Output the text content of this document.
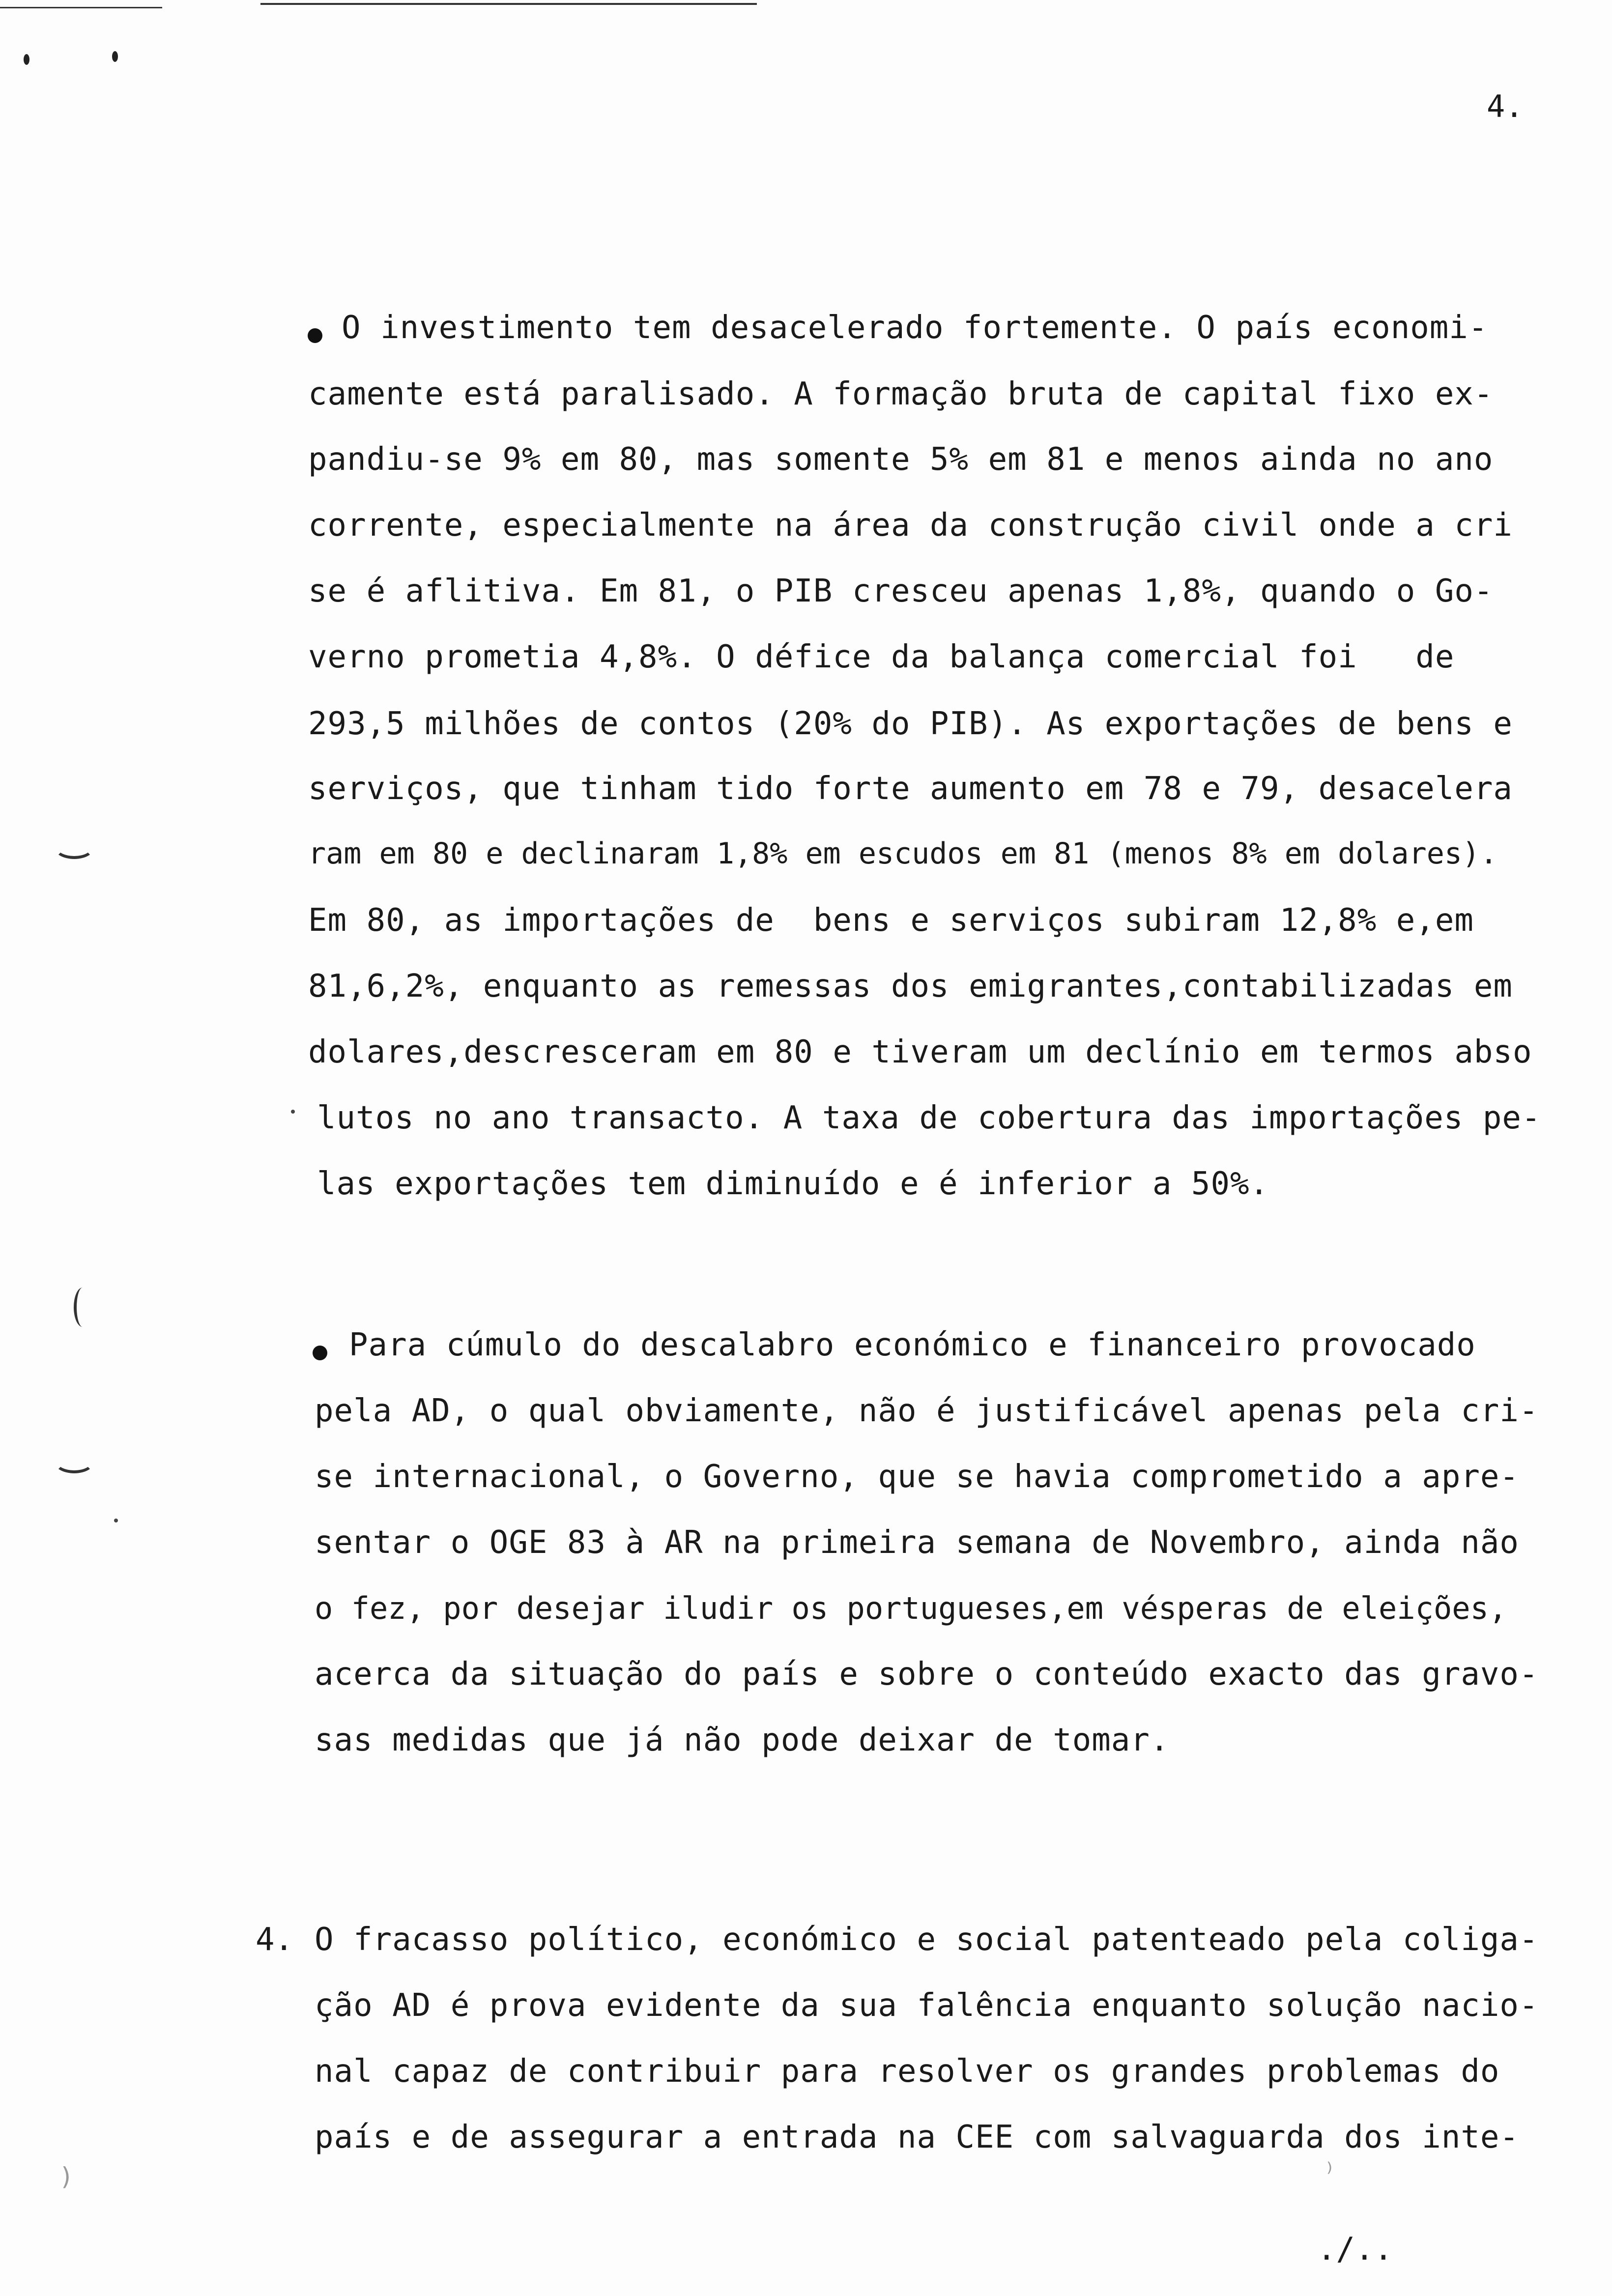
4.
O investimento tem desacelerado fortemente. O país economi-
camente está paralisado. A formação bruta de capital fixo ex-
pandiu-se 9% em 80, mas somente 5% em 81 e menos ainda no ano
corrente, especialmente na área da construção civil onde a cri
se é aflitiva. Em 81, o PIB cresceu apenas 1,8%, quando o Go-
verno prometia 4,8%. O défice da balança comercial foi   de
293,5 milhões de contos (20% do PIB). As exportações de bens e
serviços, que tinham tido forte aumento em 78 e 79, desacelera
ram em 80 e declinaram 1,8% em escudos em 81 (menos 8% em dolares).
Em 80, as importações de  bens e serviços subiram 12,8% e,em
81,6,2%, enquanto as remessas dos emigrantes,contabilizadas em
dolares,descresceram em 80 e tiveram um declínio em termos abso
lutos no ano transacto. A taxa de cobertura das importações pe-
las exportações tem diminuído e é inferior a 50%.
Para cúmulo do descalabro económico e financeiro provocado
pela AD, o qual obviamente, não é justificável apenas pela cri-
se internacional, o Governo, que se havia comprometido a apre-
sentar o OGE 83 à AR na primeira semana de Novembro, ainda não
o fez, por desejar iludir os portugueses,em vésperas de eleições,
acerca da situação do país e sobre o conteúdo exacto das gravo-
sas medidas que já não pode deixar de tomar.
4. O fracasso político, económico e social patenteado pela coliga-
ção AD é prova evidente da sua falência enquanto solução nacio-
nal capaz de contribuir para resolver os grandes problemas do
país e de assegurar a entrada na CEE com salvaguarda dos inte-
)	⁾
./..
